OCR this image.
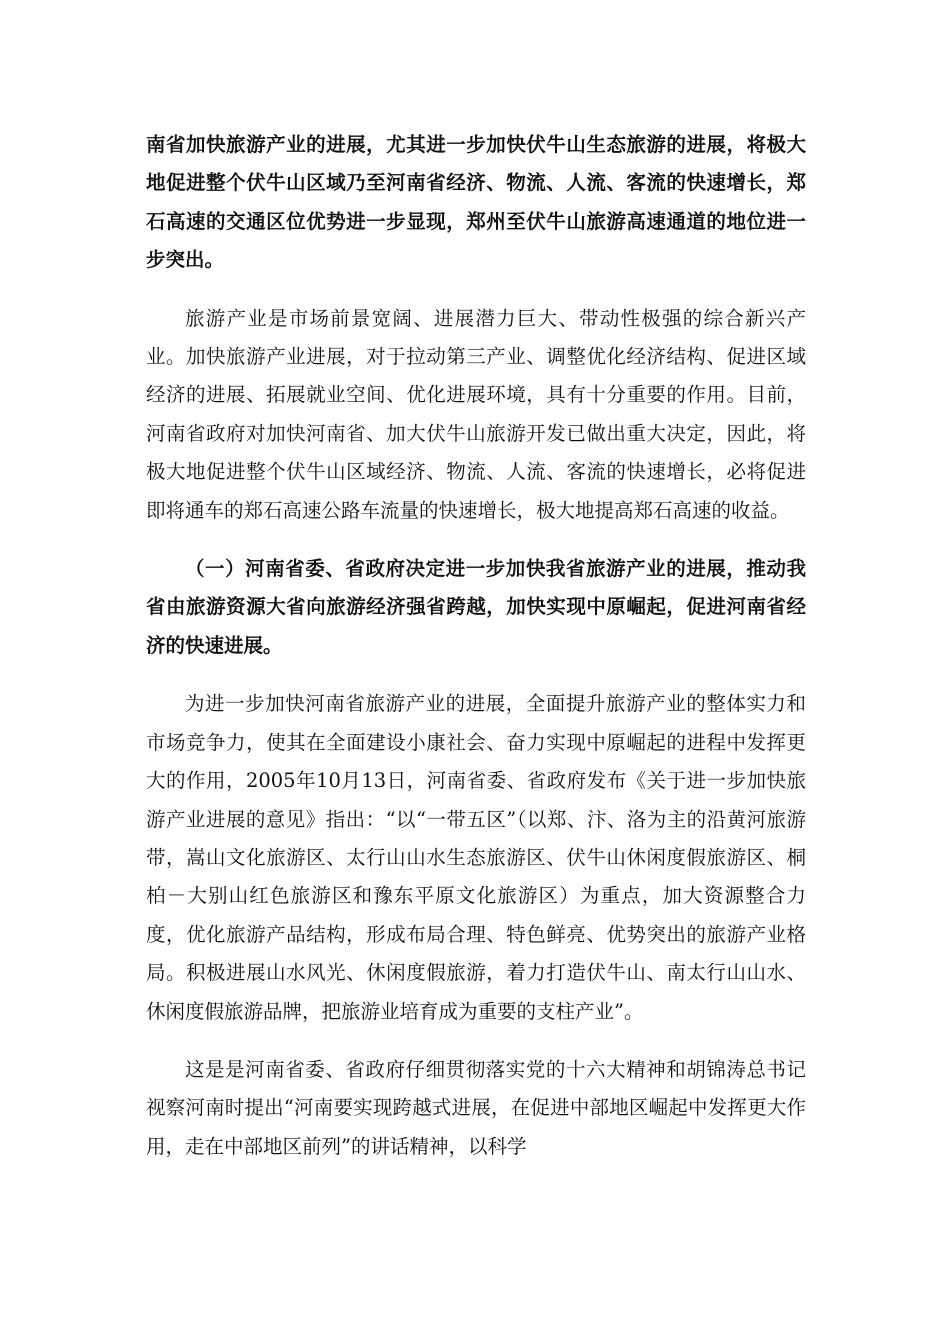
南省加快旅游产业的进展，尤其进一步加快伏牛山生态旅游的进展，将极大地促进整个伏牛山区域乃至河南省经济、物流、人流、客流的快速增长，郑石高速的交通区位优势进一步显现，郑州至伏牛山旅游高速通道的地位进一步突出。

旅游产业是市场前景宽阔、进展潜力巨大、带动性极强的综合新兴产业。加快旅游产业进展，对于拉动第三产业、调整优化经济结构、促进区域经济的进展、拓展就业空间、优化进展环境，具有十分重要的作用。目前，河南省政府对加快河南省、加大伏牛山旅游开发已做出重大决定，因此，将极大地促进整个伏牛山区域经济、物流、人流、客流的快速增长，必将促进即将通车的郑石高速公路车流量的快速增长，极大地提高郑石高速的收益。

（一）河南省委、省政府决定进一步加快我省旅游产业的进展，推动我省由旅游资源大省向旅游经济强省跨越，加快实现中原崛起，促进河南省经济的快速进展。

为进一步加快河南省旅游产业的进展，全面提升旅游产业的整体实力和市场竞争力，使其在全面建设小康社会、奋力实现中原崛起的进程中发挥更大的作用，2005年10月13日，河南省委、省政府发布《关于进一步加快旅游产业进展的意见》指出：“以“一带五区”（以郑、汴、洛为主的沿黄河旅游带，嵩山文化旅游区、太行山山水生态旅游区、伏牛山休闲度假旅游区、桐柏－大别山红色旅游区和豫东平原文化旅游区）为重点，加大资源整合力度，优化旅游产品结构，形成布局合理、特色鲜亮、优势突出的旅游产业格局。积极进展山水风光、休闲度假旅游，着力打造伏牛山、南太行山山水、休闲度假旅游品牌，把旅游业培育成为重要的支柱产业”。

这是是河南省委、省政府仔细贯彻落实党的十六大精神和胡锦涛总书记视察河南时提出“河南要实现跨越式进展，在促进中部地区崛起中发挥更大作用，走在中部地区前列”的讲话精神，以科学
